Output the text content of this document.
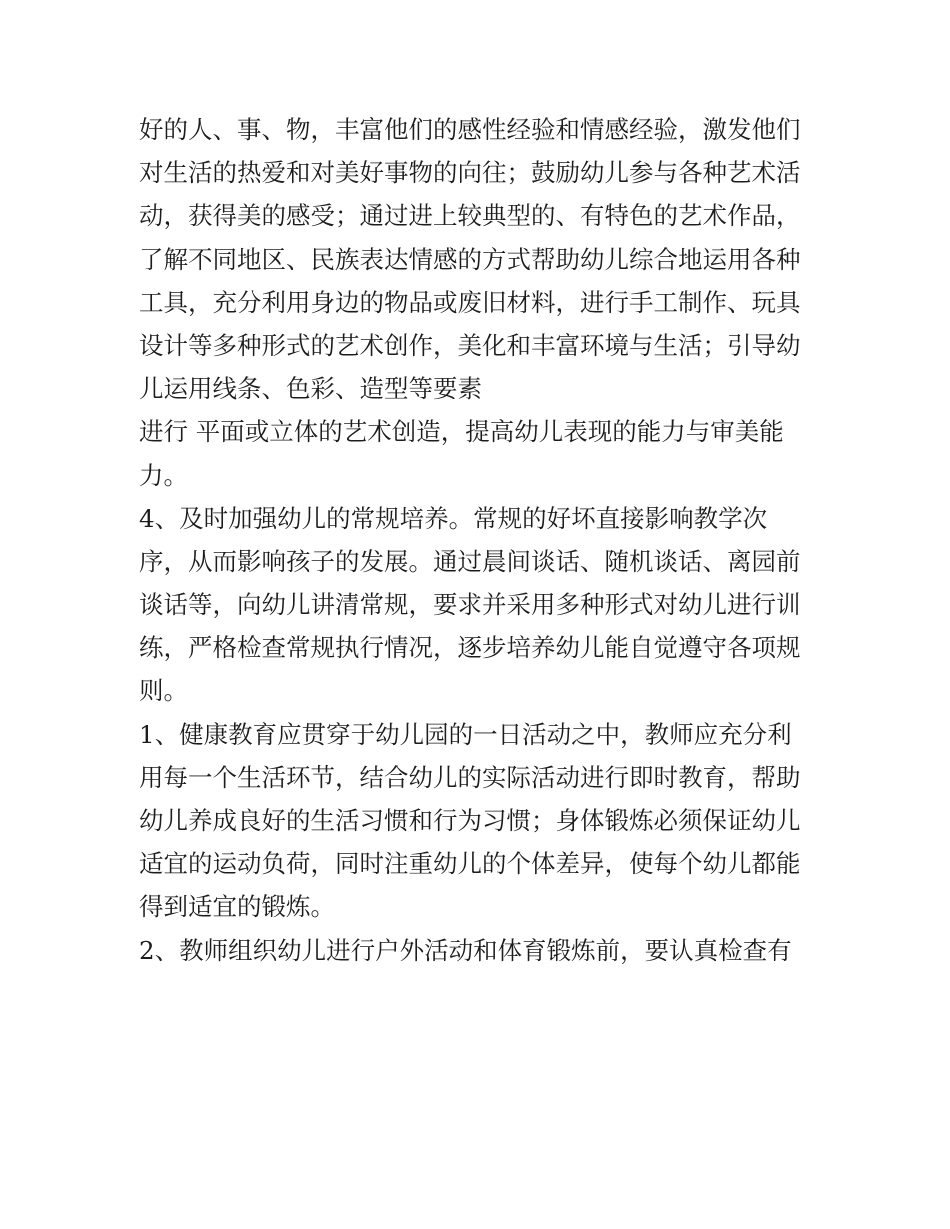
好的人、事、物，丰富他们的感性经验和情感经验，激发他们
对生活的热爱和对美好事物的向往；鼓励幼儿参与各种艺术活
动，获得美的感受；通过进上较典型的、有特色的艺术作品，
了解不同地区、民族表达情感的方式帮助幼儿综合地运用各种
工具，充分利用身边的物品或废旧材料，进行手工制作、玩具
设计等多种形式的艺术创作，美化和丰富环境与生活；引导幼
儿运用线条、色彩、造型等要素
进行 平面或立体的艺术创造，提高幼儿表现的能力与审美能
力。
4、及时加强幼儿的常规培养。常规的好坏直接影响教学次
序，从而影响孩子的发展。通过晨间谈话、随机谈话、离园前
谈话等，向幼儿讲清常规，要求并采用多种形式对幼儿进行训
练，严格检查常规执行情况，逐步培养幼儿能自觉遵守各项规
则。
1、健康教育应贯穿于幼儿园的一日活动之中，教师应充分利
用每一个生活环节，结合幼儿的实际活动进行即时教育，帮助
幼儿养成良好的生活习惯和行为习惯；身体锻炼必须保证幼儿
适宜的运动负荷，同时注重幼儿的个体差异，使每个幼儿都能
得到适宜的锻炼。
2、教师组织幼儿进行户外活动和体育锻炼前，要认真检查有
